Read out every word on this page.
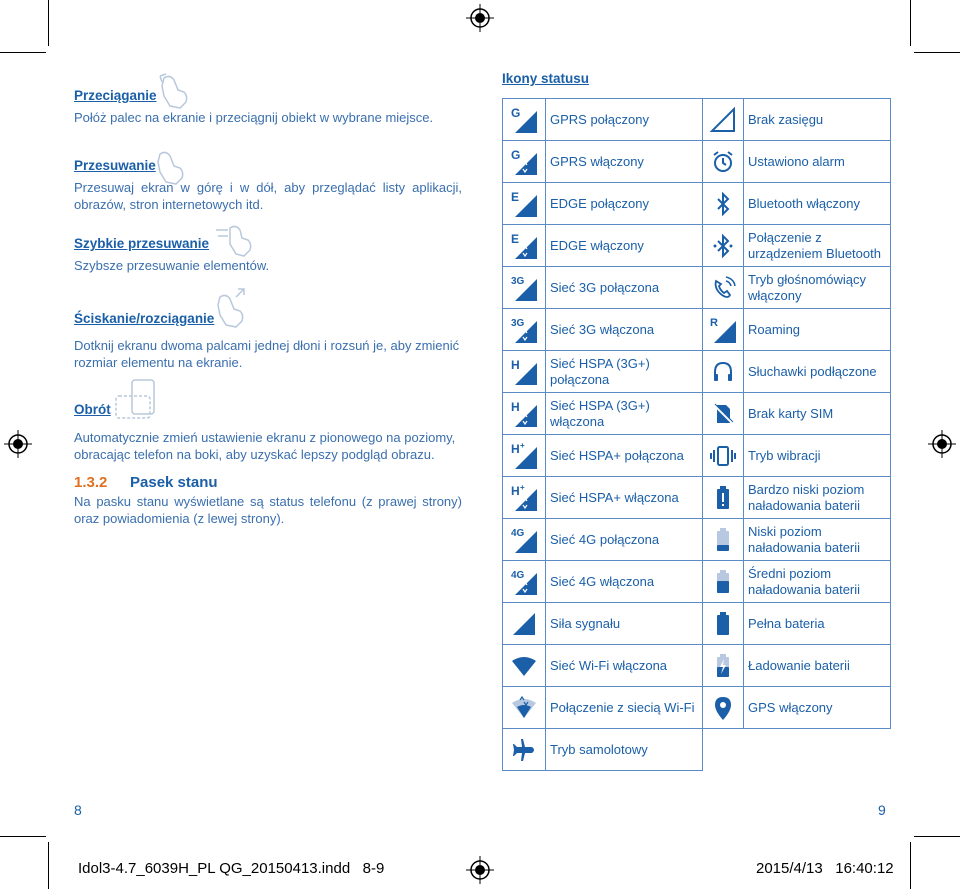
Przeciąganie
Połóż palec na ekranie i przeciągnij obiekt w wybrane miejsce.
Przesuwanie
Przesuwaj ekran w górę i w dół, aby przeglądać listy aplikacji, obrazów, stron internetowych itd.
Szybkie przesuwanie
Szybsze przesuwanie elementów.
Ściskanie/rozciąganie
Dotknij ekranu dwoma palcami jednej dłoni i rozsuń je, aby zmienić rozmiar elementu na ekranie.
Obrót
Automatycznie zmień ustawienie ekranu z pionowego na poziomy, obracając telefon na boki, aby uzyskać lepszy podgląd obrazu.
1.3.2 Pasek stanu
Na pasku stanu wyświetlane są status telefonu (z prawej strony) oraz powiadomienia (z lewej strony).
Ikony statusu
G	GPRS połączony		Brak zasięgu

G	GPRS włączony		Ustawiono alarm

E	EDGE połączony		Bluetooth włączony

E	EDGE włączony		Połączenie z urządzeniem Bluetooth

3G	Sieć 3G połączona		Tryb głośnomówiący włączony

3G	Sieć 3G włączona	R	Roaming

H	Sieć HSPA (3G+) połączona		Słuchawki podłączone

H	Sieć HSPA (3G+) włączona		Brak karty SIM

H +	Sieć HSPA+ połączona		Tryb wibracji

H +	Sieć HSPA+ włączona		Bardzo niski poziom naładowania baterii

4G	Sieć 4G połączona		Niski poziom naładowania baterii

4G	Sieć 4G włączona		Średni poziom naładowania baterii
	Siła sygnału		Pełna bateria
	Sieć Wi-Fi włączona		Ładowanie baterii
	Połączenie z siecią Wi-Fi		GPS włączony
	Tryb samolotowy		
8	9
Idol3-4.7_6039H_PL QG_20150413.indd   8-9	2015/4/13   16:40:12
